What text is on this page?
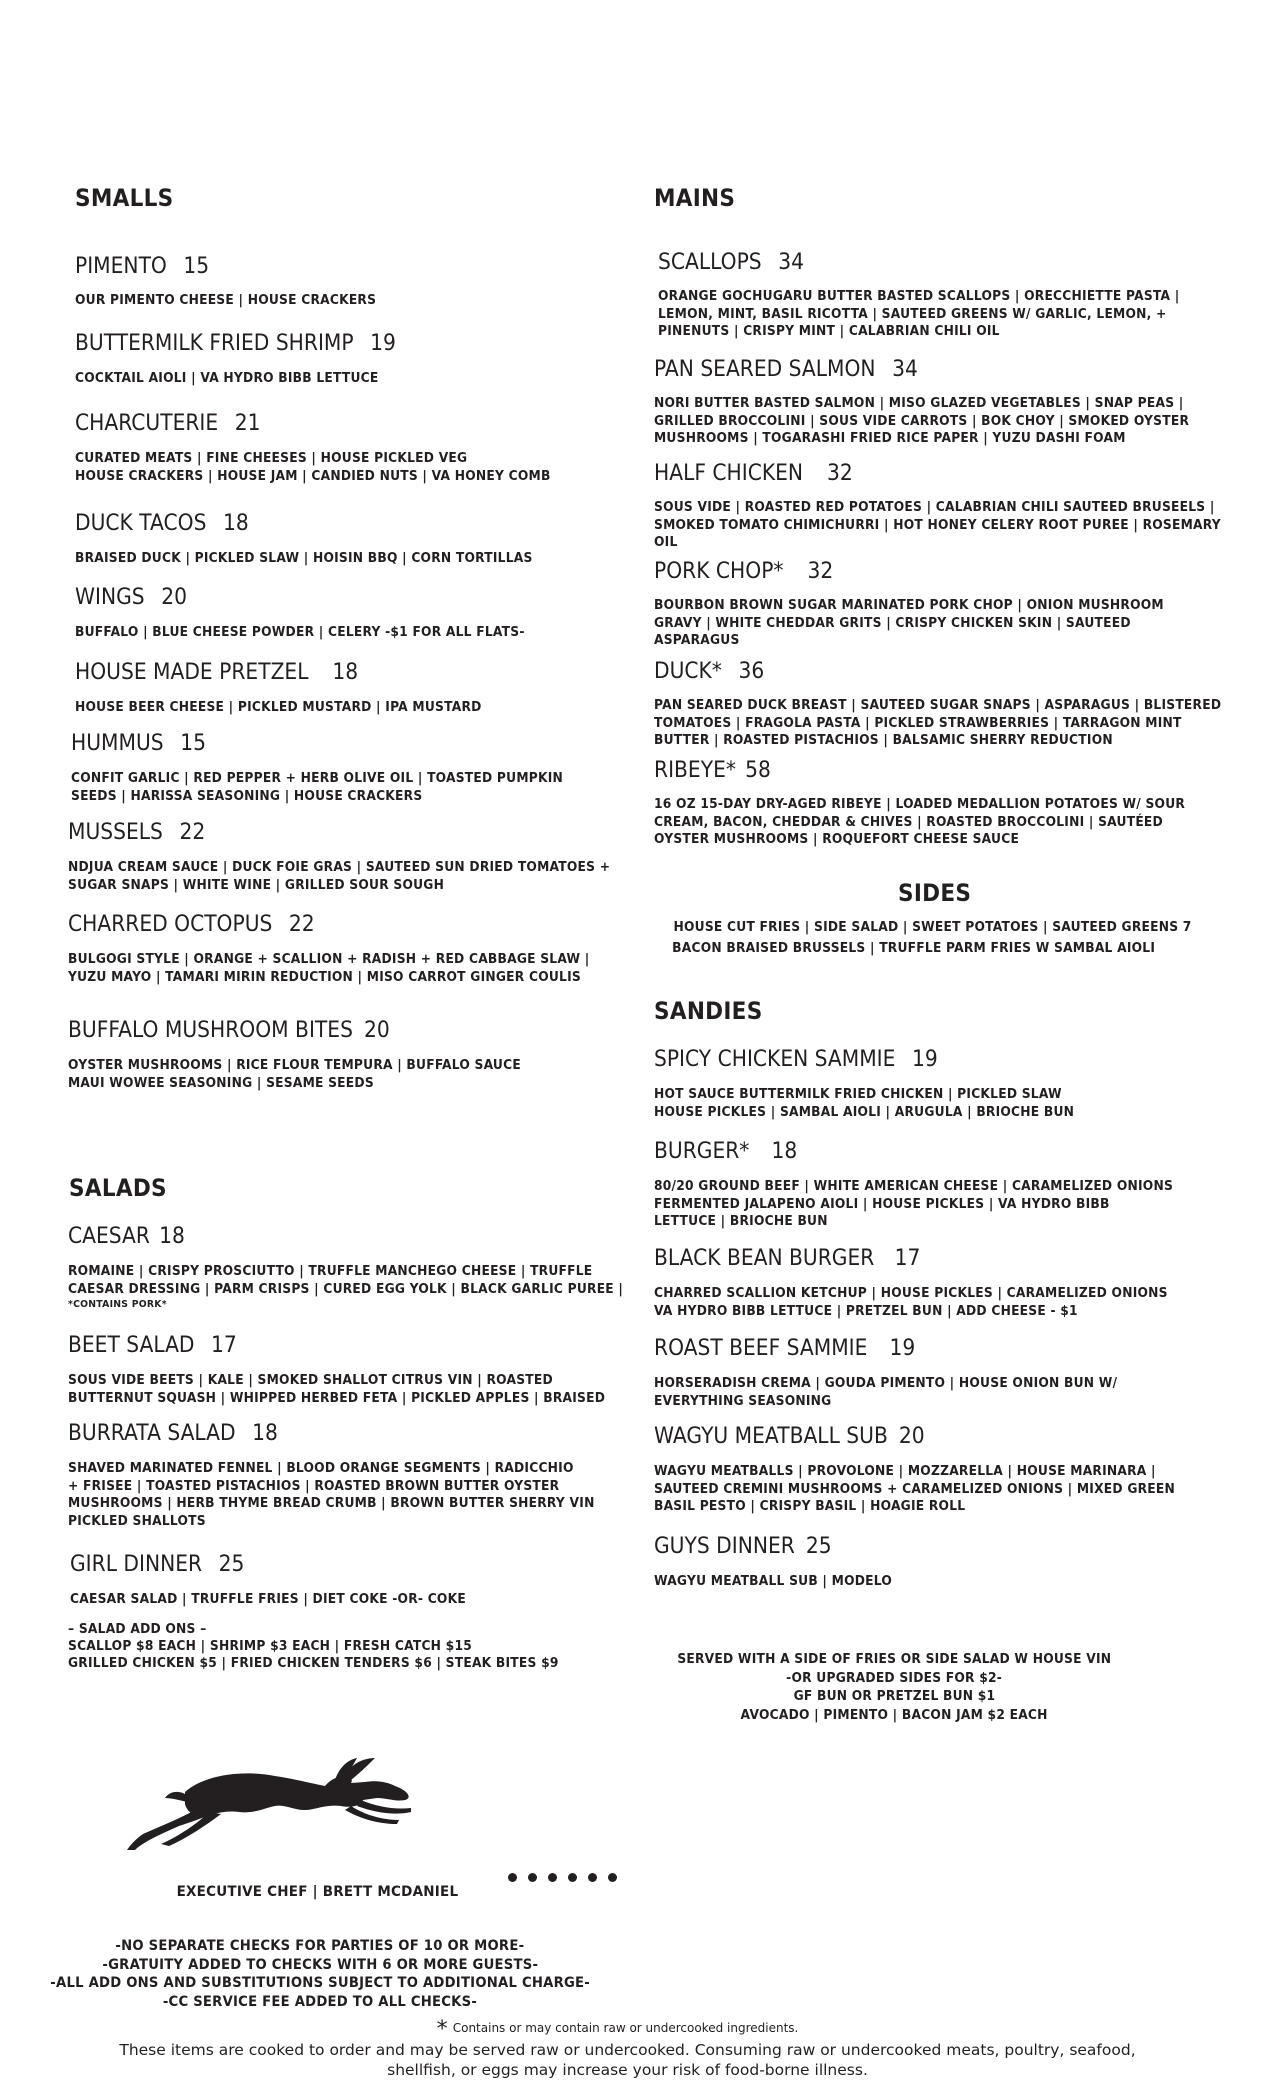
SMALLS
PIMENTO 15
OUR PIMENTO CHEESE | HOUSE CRACKERS
BUTTERMILK FRIED SHRIMP 19
COCKTAIL AIOLI | VA HYDRO BIBB LETTUCE
CHARCUTERIE 21
CURATED MEATS | FINE CHEESES | HOUSE PICKLED VEG
HOUSE CRACKERS | HOUSE JAM | CANDIED NUTS | VA HONEY COMB
DUCK TACOS 18
BRAISED DUCK | PICKLED SLAW | HOISIN BBQ | CORN TORTILLAS
WINGS 20
BUFFALO | BLUE CHEESE POWDER | CELERY -$1 FOR ALL FLATS-
HOUSE MADE PRETZEL 18
HOUSE BEER CHEESE | PICKLED MUSTARD | IPA MUSTARD
HUMMUS 15
CONFIT GARLIC | RED PEPPER + HERB OLIVE OIL | TOASTED PUMPKIN
SEEDS | HARISSA SEASONING | HOUSE CRACKERS
MUSSELS 22
NDJUA CREAM SAUCE | DUCK FOIE GRAS | SAUTEED SUN DRIED TOMATOES +
SUGAR SNAPS | WHITE WINE | GRILLED SOUR SOUGH
CHARRED OCTOPUS 22
BULGOGI STYLE | ORANGE + SCALLION + RADISH + RED CABBAGE SLAW |
YUZU MAYO | TAMARI MIRIN REDUCTION | MISO CARROT GINGER COULIS
BUFFALO MUSHROOM BITES 20
OYSTER MUSHROOMS | RICE FLOUR TEMPURA | BUFFALO SAUCE
MAUI WOWEE SEASONING | SESAME SEEDS
SALADS
CAESAR 18
ROMAINE | CRISPY PROSCIUTTO | TRUFFLE MANCHEGO CHEESE | TRUFFLE
CAESAR DRESSING | PARM CRISPS | CURED EGG YOLK | BLACK GARLIC PUREE |
*CONTAINS PORK*
BEET SALAD 17
SOUS VIDE BEETS | KALE | SMOKED SHALLOT CITRUS VIN | ROASTED
BUTTERNUT SQUASH | WHIPPED HERBED FETA | PICKLED APPLES | BRAISED
BURRATA SALAD 18
SHAVED MARINATED FENNEL | BLOOD ORANGE SEGMENTS | RADICCHIO
+ FRISEE | TOASTED PISTACHIOS | ROASTED BROWN BUTTER OYSTER
MUSHROOMS | HERB THYME BREAD CRUMB | BROWN BUTTER SHERRY VIN
PICKLED SHALLOTS
GIRL DINNER 25
CAESAR SALAD | TRUFFLE FRIES | DIET COKE -OR- COKE
– SALAD ADD ONS –
SCALLOP $8 EACH | SHRIMP $3 EACH | FRESH CATCH $15
GRILLED CHICKEN $5 | FRIED CHICKEN TENDERS $6 | STEAK BITES $9
MAINS
SCALLOPS 34
ORANGE GOCHUGARU BUTTER BASTED SCALLOPS | ORECCHIETTE PASTA |
LEMON, MINT, BASIL RICOTTA | SAUTEED GREENS W/ GARLIC, LEMON, +
PINENUTS | CRISPY MINT | CALABRIAN CHILI OIL
PAN SEARED SALMON 34
NORI BUTTER BASTED SALMON | MISO GLAZED VEGETABLES | SNAP PEAS |
GRILLED BROCCOLINI | SOUS VIDE CARROTS | BOK CHOY | SMOKED OYSTER
MUSHROOMS | TOGARASHI FRIED RICE PAPER | YUZU DASHI FOAM
HALF CHICKEN 32
SOUS VIDE | ROASTED RED POTATOES | CALABRIAN CHILI SAUTEED BRUSEELS |
SMOKED TOMATO CHIMICHURRI | HOT HONEY CELERY ROOT PUREE | ROSEMARY
OIL
PORK CHOP* 32
BOURBON BROWN SUGAR MARINATED PORK CHOP | ONION MUSHROOM
GRAVY | WHITE CHEDDAR GRITS | CRISPY CHICKEN SKIN | SAUTEED
ASPARAGUS
DUCK* 36
PAN SEARED DUCK BREAST | SAUTEED SUGAR SNAPS | ASPARAGUS | BLISTERED
TOMATOES | FRAGOLA PASTA | PICKLED STRAWBERRIES | TARRAGON MINT
BUTTER | ROASTED PISTACHIOS | BALSAMIC SHERRY REDUCTION
RIBEYE* 58
16 OZ 15-DAY DRY-AGED RIBEYE | LOADED MEDALLION POTATOES W/ SOUR
CREAM, BACON, CHEDDAR & CHIVES | ROASTED BROCCOLINI | SAUTÉED
OYSTER MUSHROOMS | ROQUEFORT CHEESE SAUCE
SIDES
HOUSE CUT FRIES | SIDE SALAD | SWEET POTATOES | SAUTEED GREENS 7
BACON BRAISED BRUSSELS | TRUFFLE PARM FRIES W SAMBAL AIOLI
SANDIES
SPICY CHICKEN SAMMIE 19
HOT SAUCE BUTTERMILK FRIED CHICKEN | PICKLED SLAW
HOUSE PICKLES | SAMBAL AIOLI | ARUGULA | BRIOCHE BUN
BURGER* 18
80/20 GROUND BEEF | WHITE AMERICAN CHEESE | CARAMELIZED ONIONS
FERMENTED JALAPENO AIOLI | HOUSE PICKLES | VA HYDRO BIBB
LETTUCE | BRIOCHE BUN
BLACK BEAN BURGER 17
CHARRED SCALLION KETCHUP | HOUSE PICKLES | CARAMELIZED ONIONS
VA HYDRO BIBB LETTUCE | PRETZEL BUN | ADD CHEESE - $1
ROAST BEEF SAMMIE 19
HORSERADISH CREMA | GOUDA PIMENTO | HOUSE ONION BUN W/
EVERYTHING SEASONING
WAGYU MEATBALL SUB 20
WAGYU MEATBALLS | PROVOLONE | MOZZARELLA | HOUSE MARINARA |
SAUTEED CREMINI MUSHROOMS + CARAMELIZED ONIONS | MIXED GREEN
BASIL PESTO | CRISPY BASIL | HOAGIE ROLL
GUYS DINNER 25
WAGYU MEATBALL SUB | MODELO
SERVED WITH A SIDE OF FRIES OR SIDE SALAD W HOUSE VIN
-OR UPGRADED SIDES FOR $2-
GF BUN OR PRETZEL BUN $1
AVOCADO | PIMENTO | BACON JAM $2 EACH
EXECUTIVE CHEF | BRETT MCDANIEL
-NO SEPARATE CHECKS FOR PARTIES OF 10 OR MORE-
-GRATUITY ADDED TO CHECKS WITH 6 OR MORE GUESTS-
-ALL ADD ONS AND SUBSTITUTIONS SUBJECT TO ADDITIONAL CHARGE-
-CC SERVICE FEE ADDED TO ALL CHECKS-
* Contains or may contain raw or undercooked ingredients.
These items are cooked to order and may be served raw or undercooked. Consuming raw or undercooked meats, poultry, seafood,
shellfish, or eggs may increase your risk of food-borne illness.
